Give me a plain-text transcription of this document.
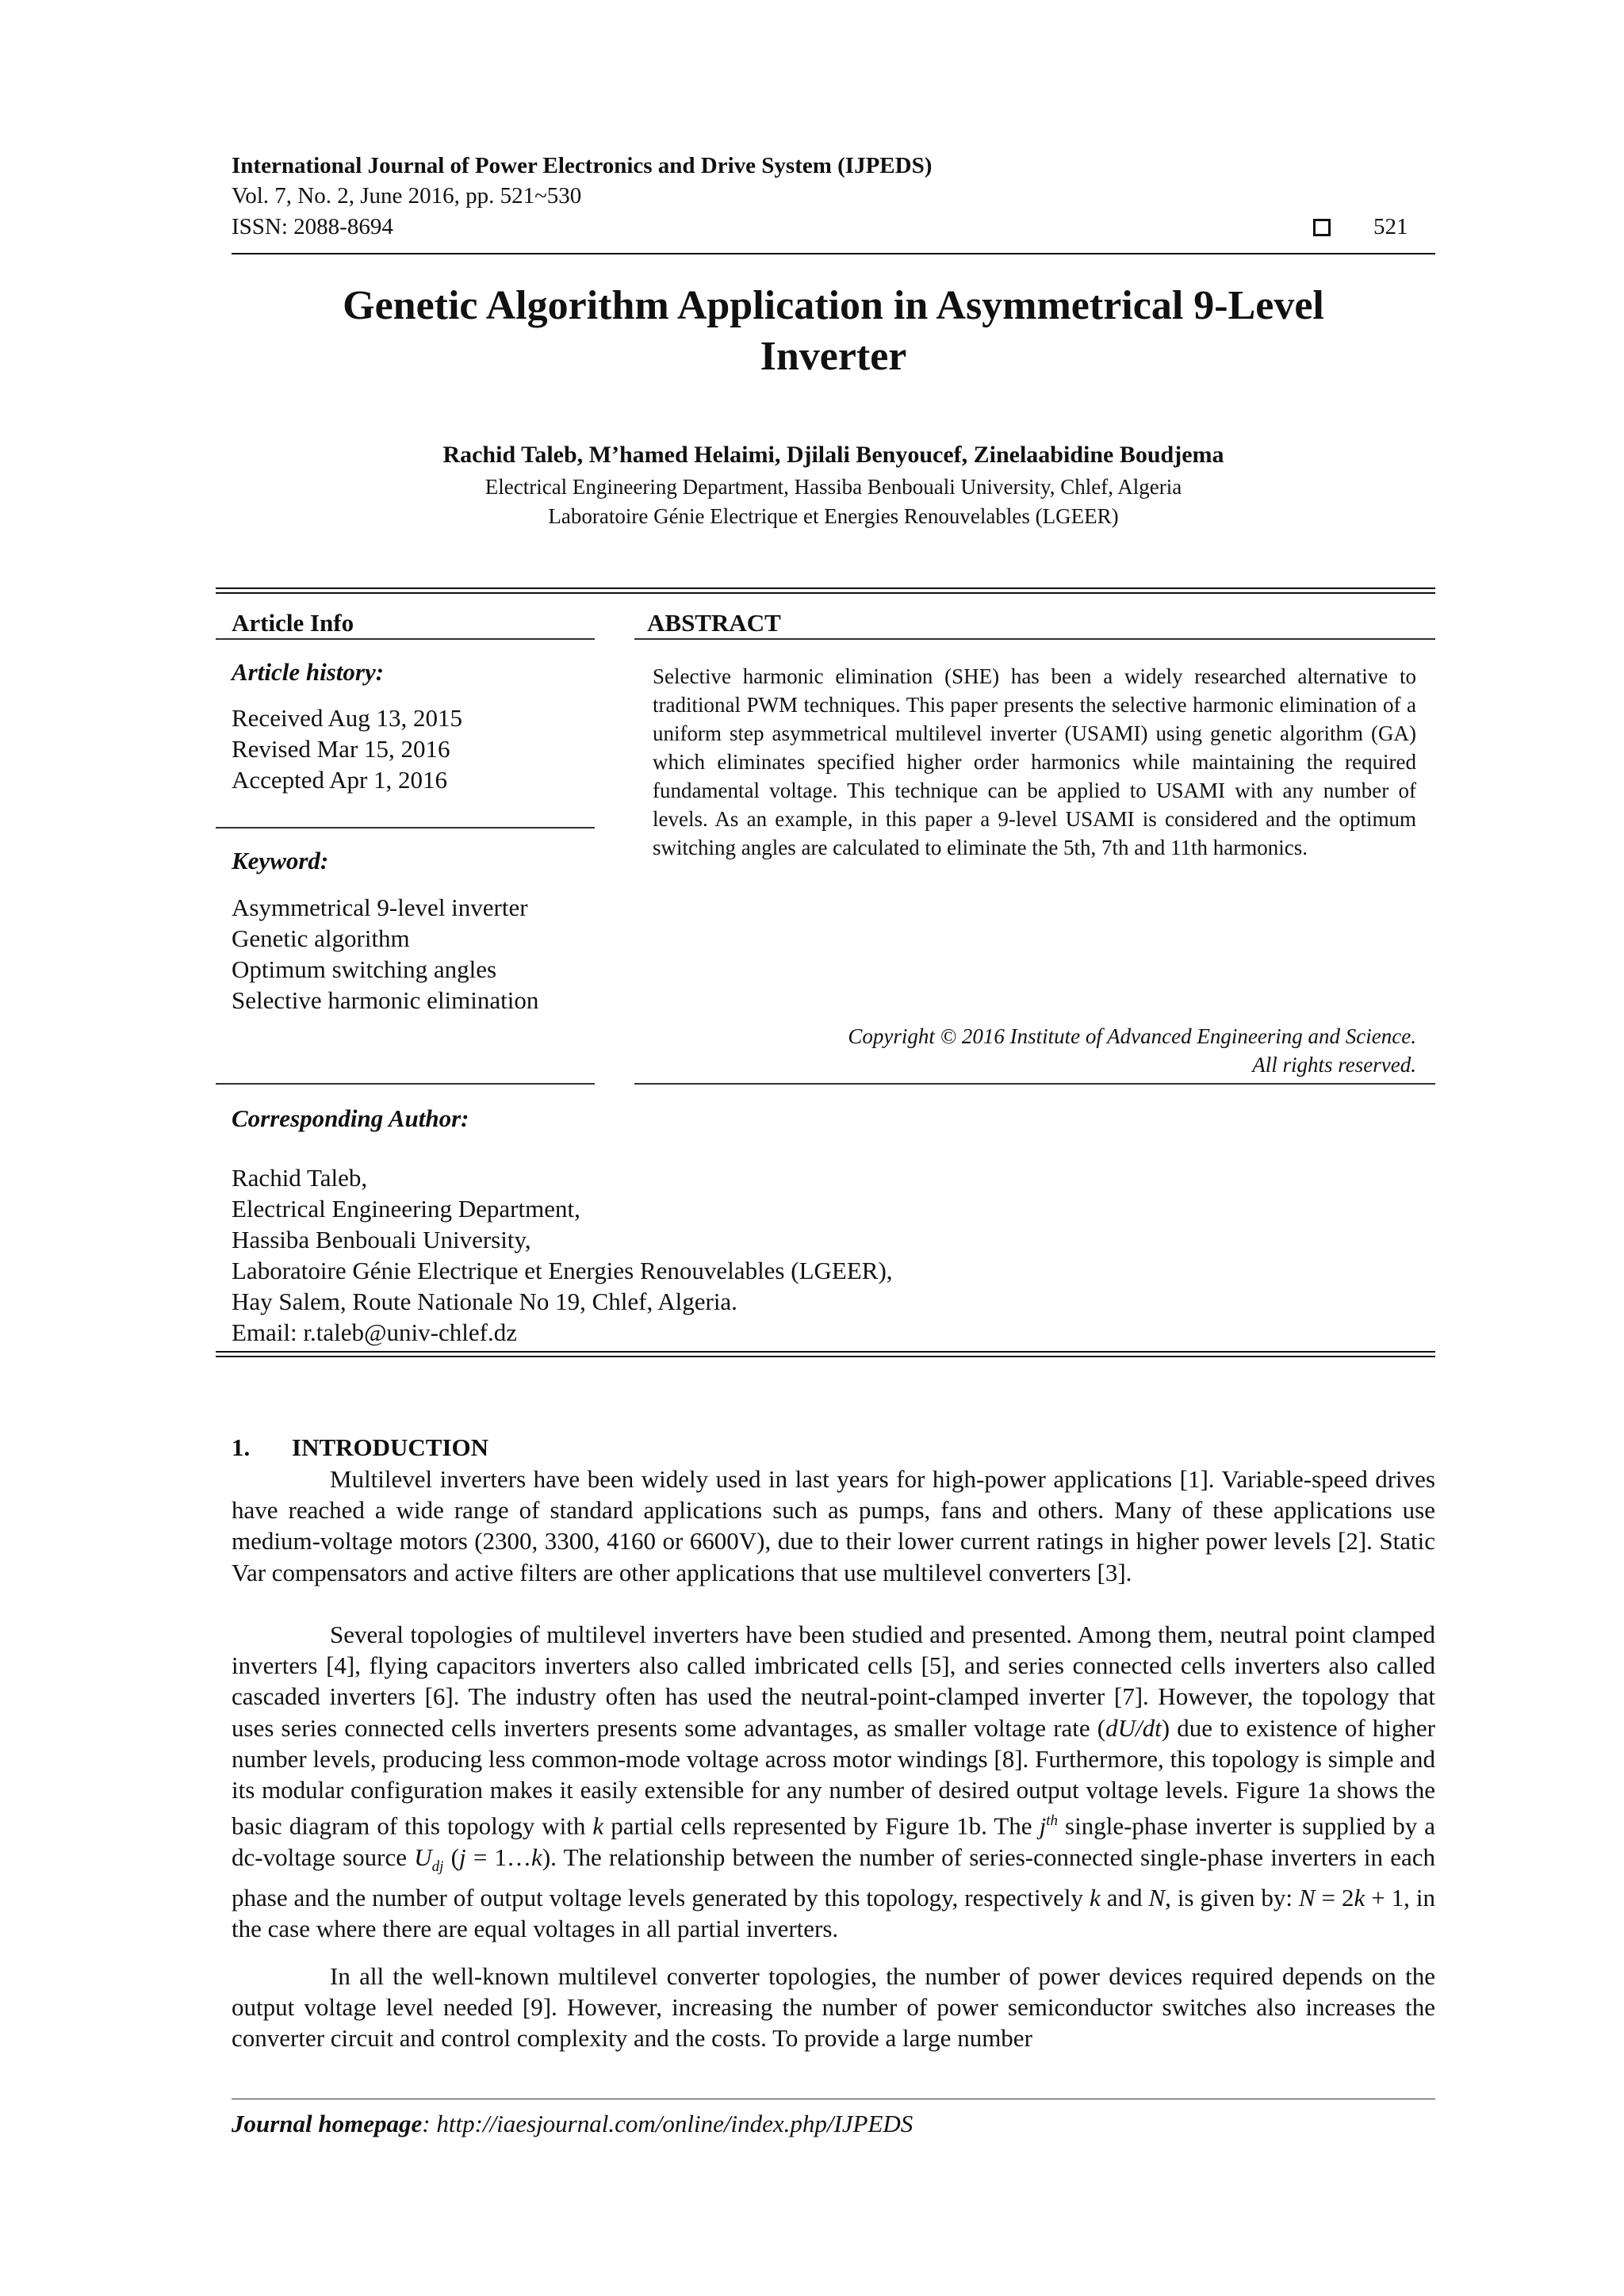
International Journal of Power Electronics and Drive System (IJPEDS)
Vol. 7, No. 2, June 2016, pp. 521~530
ISSN: 2088-8694	521
Genetic Algorithm Application in Asymmetrical 9-Level
Inverter
Rachid Taleb, M’hamed Helaimi, Djilali Benyoucef, Zinelaabidine Boudjema
Electrical Engineering Department, Hassiba Benbouali University, Chlef, Algeria
Laboratoire Génie Electrique et Energies Renouvelables (LGEER)
Article Info
Article history:
Received Aug 13, 2015
Revised Mar 15, 2016
Accepted Apr 1, 2016
Keyword:
Asymmetrical 9-level inverter
Genetic algorithm
Optimum switching angles
Selective harmonic elimination
ABSTRACT
Selective harmonic elimination (SHE) has been a widely researched alternative to traditional PWM techniques. This paper presents the selective harmonic elimination of a uniform step asymmetrical multilevel inverter (USAMI) using genetic algorithm (GA) which eliminates specified higher order harmonics while maintaining the required fundamental voltage. This technique can be applied to USAMI with any number of levels. As an example, in this paper a 9-level USAMI is considered and the optimum switching angles are calculated to eliminate the 5th, 7th and 11th harmonics.
Copyright © 2016 Institute of Advanced Engineering and Science.
All rights reserved.
Corresponding Author:
Rachid Taleb,
Electrical Engineering Department,
Hassiba Benbouali University,
Laboratoire Génie Electrique et Energies Renouvelables (LGEER),
Hay Salem, Route Nationale No 19, Chlef, Algeria.
Email: r.taleb@univ-chlef.dz
1. INTRODUCTION
Multilevel inverters have been widely used in last years for high-power applications [1]. Variable-speed drives have reached a wide range of standard applications such as pumps, fans and others. Many of these applications use medium-voltage motors (2300, 3300, 4160 or 6600V), due to their lower current ratings in higher power levels [2]. Static Var compensators and active filters are other applications that use multilevel converters [3].
Several topologies of multilevel inverters have been studied and presented. Among them, neutral point clamped inverters [4], flying capacitors inverters also called imbricated cells [5], and series connected cells inverters also called cascaded inverters [6]. The industry often has used the neutral-point-clamped inverter [7]. However, the topology that uses series connected cells inverters presents some advantages, as smaller voltage rate (dU/dt) due to existence of higher number levels, producing less common-mode voltage across motor windings [8]. Furthermore, this topology is simple and its modular configuration makes it easily extensible for any number of desired output voltage levels. Figure 1a shows the basic diagram of this topology with k partial cells represented by Figure 1b. The $j^{th}$ single-phase inverter is supplied by a dc-voltage source $U_{dj}$ (j = 1…k). The relationship between the number of series-connected single-phase inverters in each phase and the number of output voltage levels generated by this topology, respectively k and N, is given by: N = 2k + 1, in the case where there are equal voltages in all partial inverters.
In all the well-known multilevel converter topologies, the number of power devices required depends on the output voltage level needed [9]. However, increasing the number of power semiconductor switches also increases the converter circuit and control complexity and the costs. To provide a large number
Journal homepage: http://iaesjournal.com/online/index.php/IJPEDS
